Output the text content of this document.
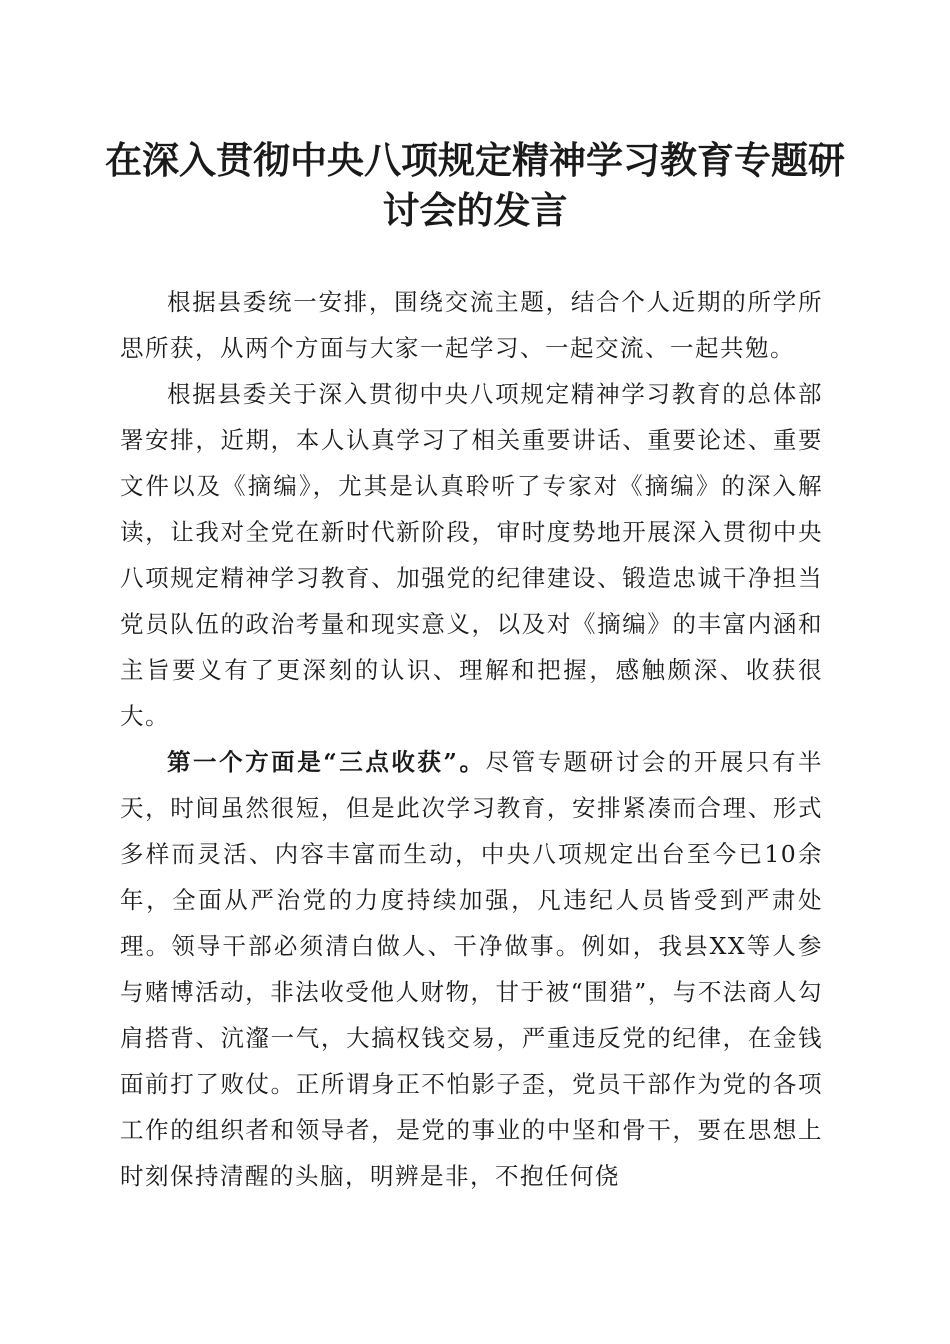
在深入贯彻中央八项规定精神学习教育专题研讨会的发言

根据县委统一安排，围绕交流主题，结合个人近期的所学所思所获，从两个方面与大家一起学习、一起交流、一起共勉。

根据县委关于深入贯彻中央八项规定精神学习教育的总体部署安排，近期，本人认真学习了相关重要讲话、重要论述、重要文件以及《摘编》，尤其是认真聆听了专家对《摘编》的深入解读，让我对全党在新时代新阶段，审时度势地开展深入贯彻中央八项规定精神学习教育、加强党的纪律建设、锻造忠诚干净担当党员队伍的政治考量和现实意义，以及对《摘编》的丰富内涵和主旨要义有了更深刻的认识、理解和把握，感触颇深、收获很大。

第一个方面是“三点收获”。尽管专题研讨会的开展只有半天，时间虽然很短，但是此次学习教育，安排紧凑而合理、形式多样而灵活、内容丰富而生动，中央八项规定出台至今已10余年，全面从严治党的力度持续加强，凡违纪人员皆受到严肃处理。领导干部必须清白做人、干净做事。例如，我县XX等人参与赌博活动，非法收受他人财物，甘于被“围猎”，与不法商人勾肩搭背、沆瀣一气，大搞权钱交易，严重违反党的纪律，在金钱面前打了败仗。正所谓身正不怕影子歪，党员干部作为党的各项工作的组织者和领导者，是党的事业的中坚和骨干，要在思想上时刻保持清醒的头脑，明辨是非，不抱任何侥
